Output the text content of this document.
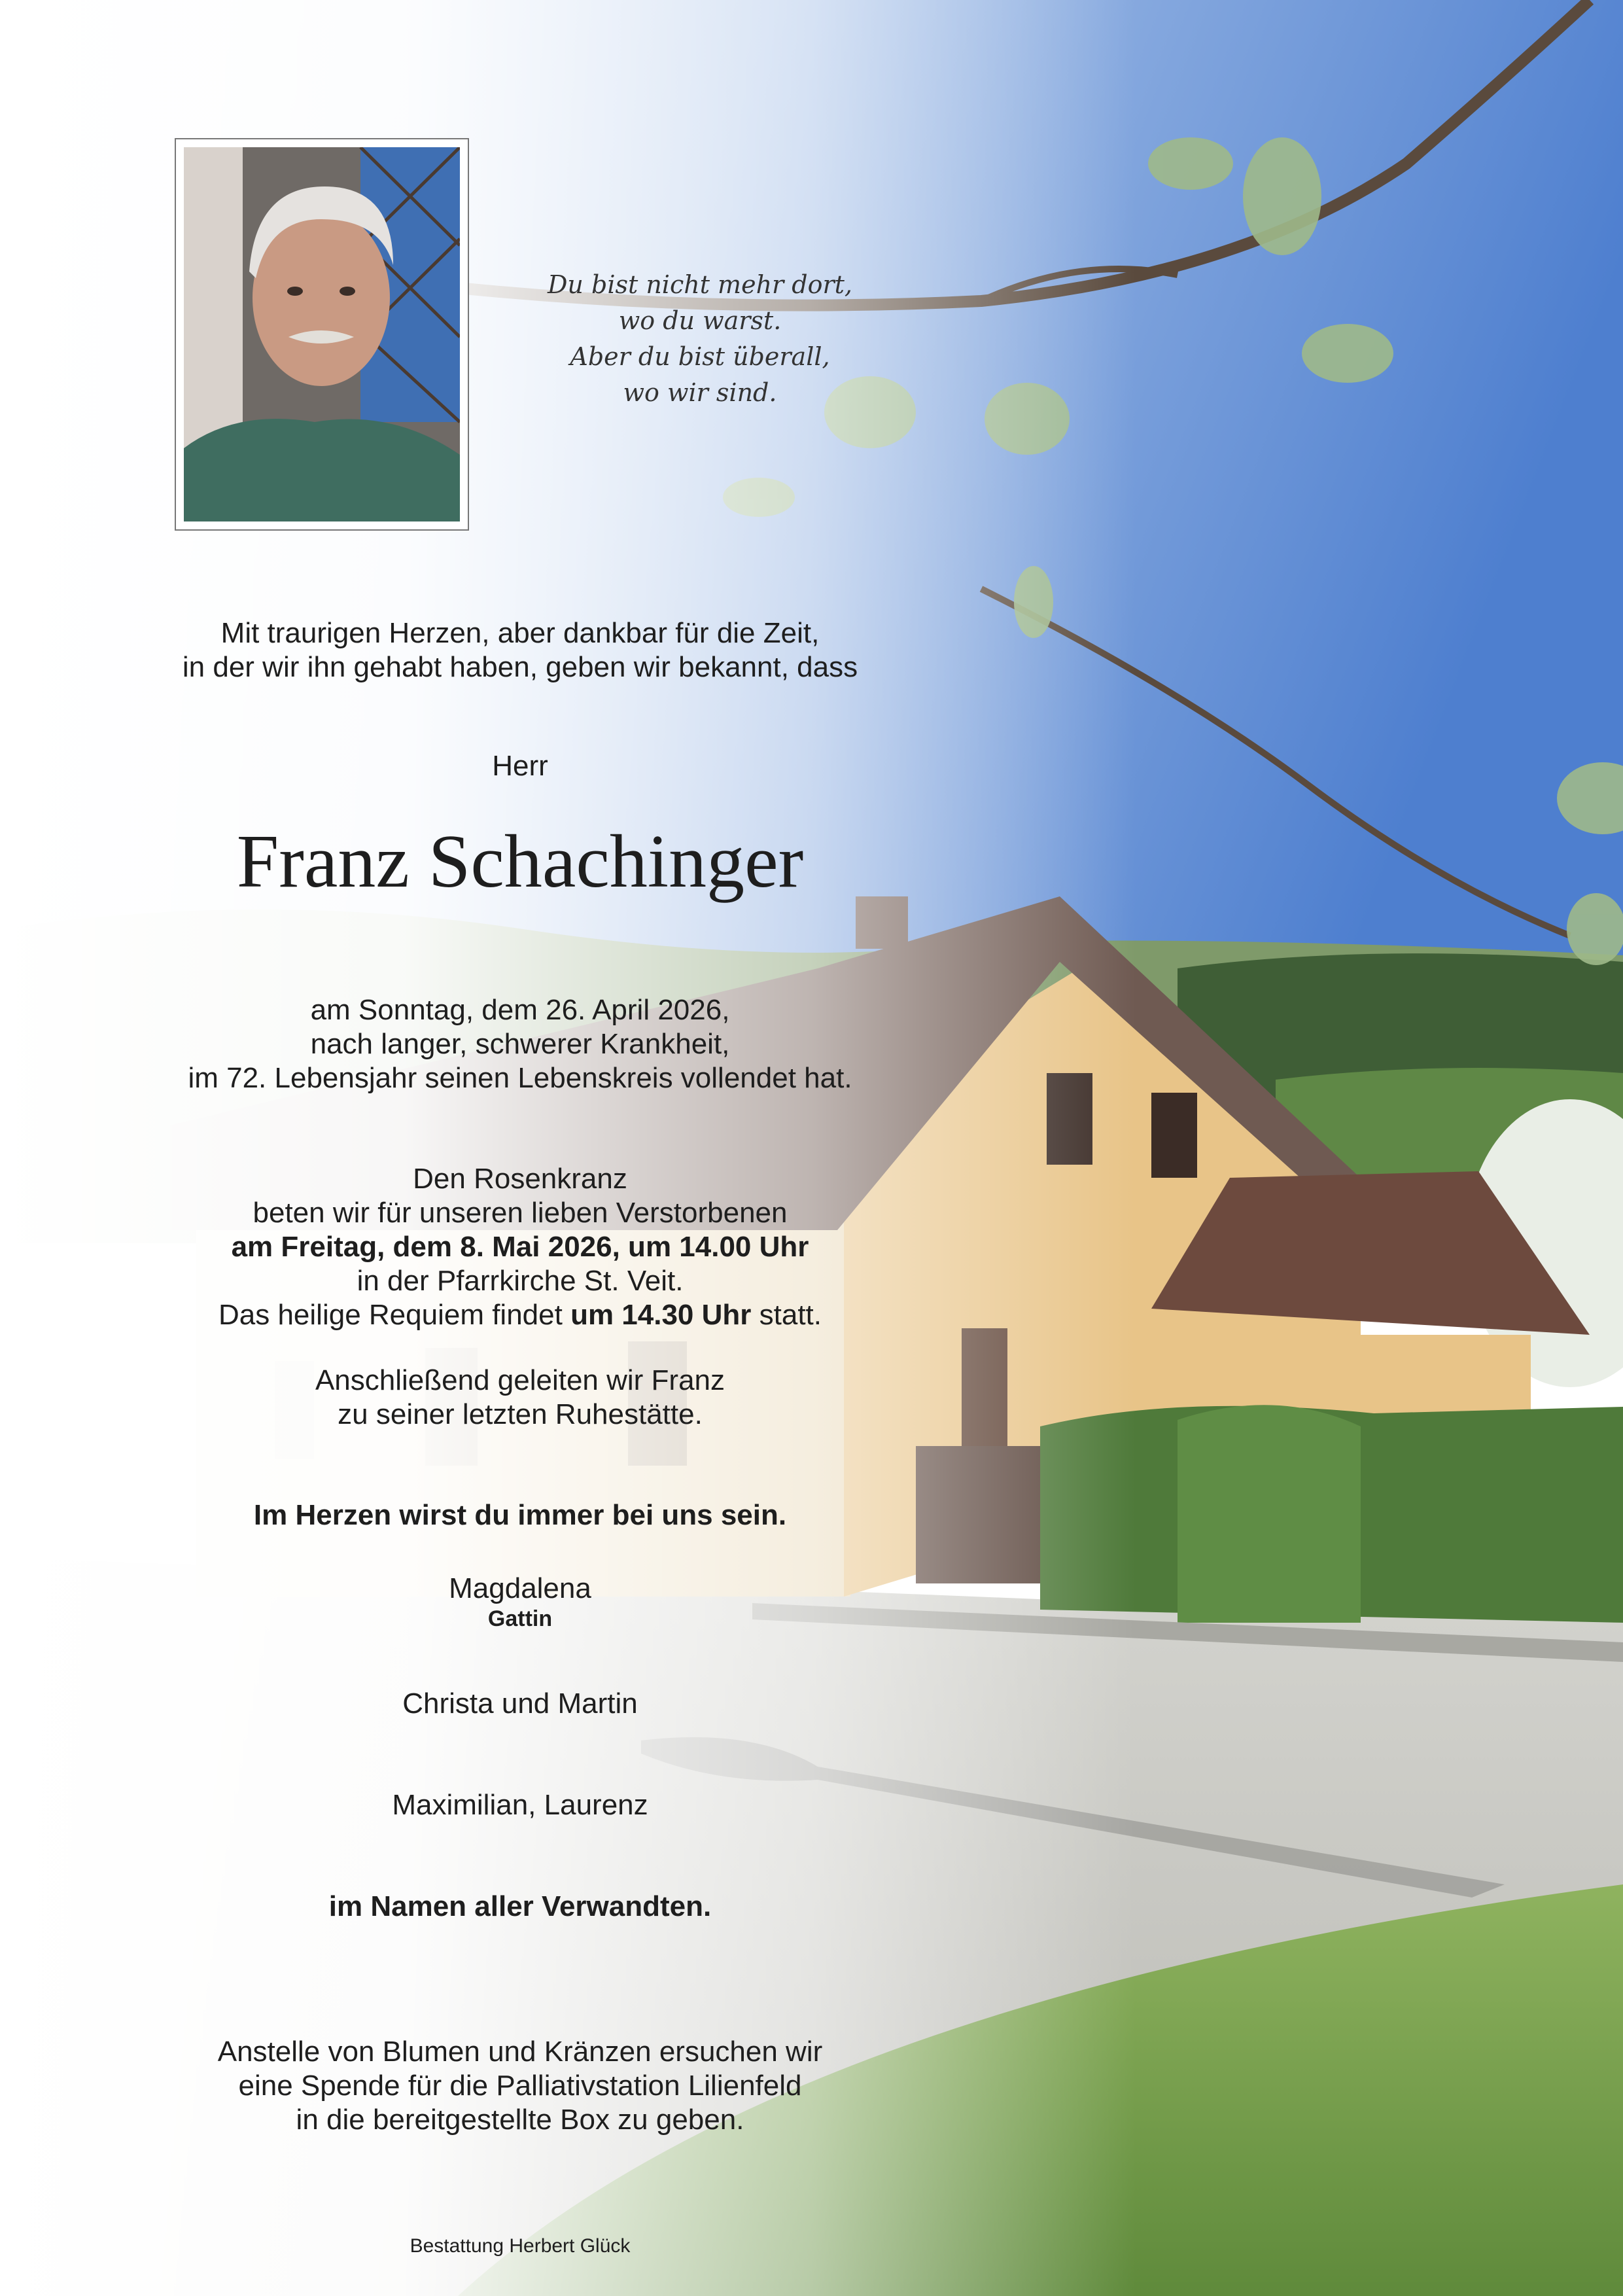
Du bist nicht mehr dort,
wo du warst.
Aber du bist überall,
wo wir sind.
Mit traurigen Herzen, aber dankbar für die Zeit,
in der wir ihn gehabt haben, geben wir bekannt, dass
Herr
Franz Schachinger
am Sonntag, dem 26. April 2026,
nach langer, schwerer Krankheit,
im 72. Lebensjahr seinen Lebenskreis vollendet hat.
Den Rosenkranz
beten wir für unseren lieben Verstorbenen
am Freitag, dem 8. Mai 2026, um 14.00 Uhr
in der Pfarrkirche St. Veit.
Das heilige Requiem findet um 14.30 Uhr statt.
Anschließend geleiten wir Franz
zu seiner letzten Ruhestätte.
Im Herzen wirst du immer bei uns sein.
Magdalena
Gattin
Christa und Martin
Maximilian, Laurenz
im Namen aller Verwandten.
Anstelle von Blumen und Kränzen ersuchen wir
eine Spende für die Palliativstation Lilienfeld
in die bereitgestellte Box zu geben.
Bestattung Herbert Glück
